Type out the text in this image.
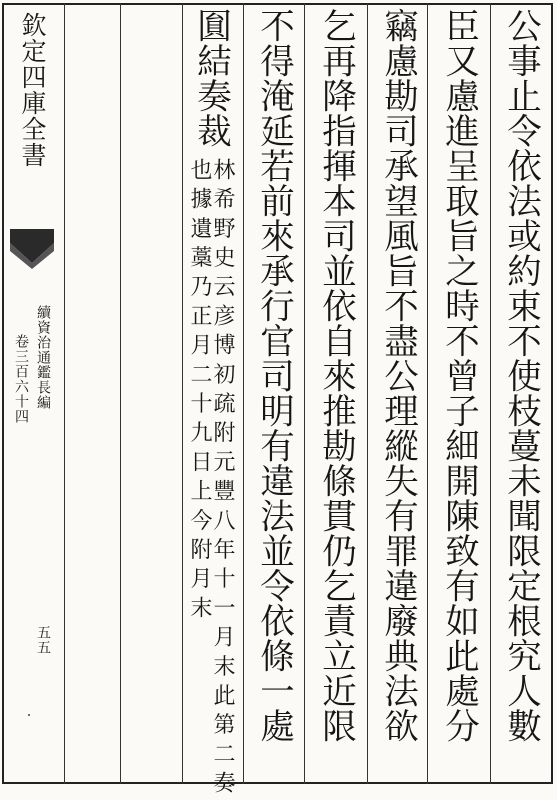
欽定四庫全書
續資治通鑑長編
卷三百六十四
五五	公事止令依法或約束不使枝蔓未聞限定根究人數
臣又慮進呈取旨之時不曾子細開陳致有如此處分
竊慮勘司承望風旨不盡公理縱失有罪違廢典法欲
乞再降指揮本司並依自來推勘條貫仍乞責立近限
不得淹延若前來承行官司明有違法並令依條一處
圎結奏裁
林希野史云彦博初疏附元豐八年十一月末此第二奏
也據遺藁乃正月二十九日上今附月末
